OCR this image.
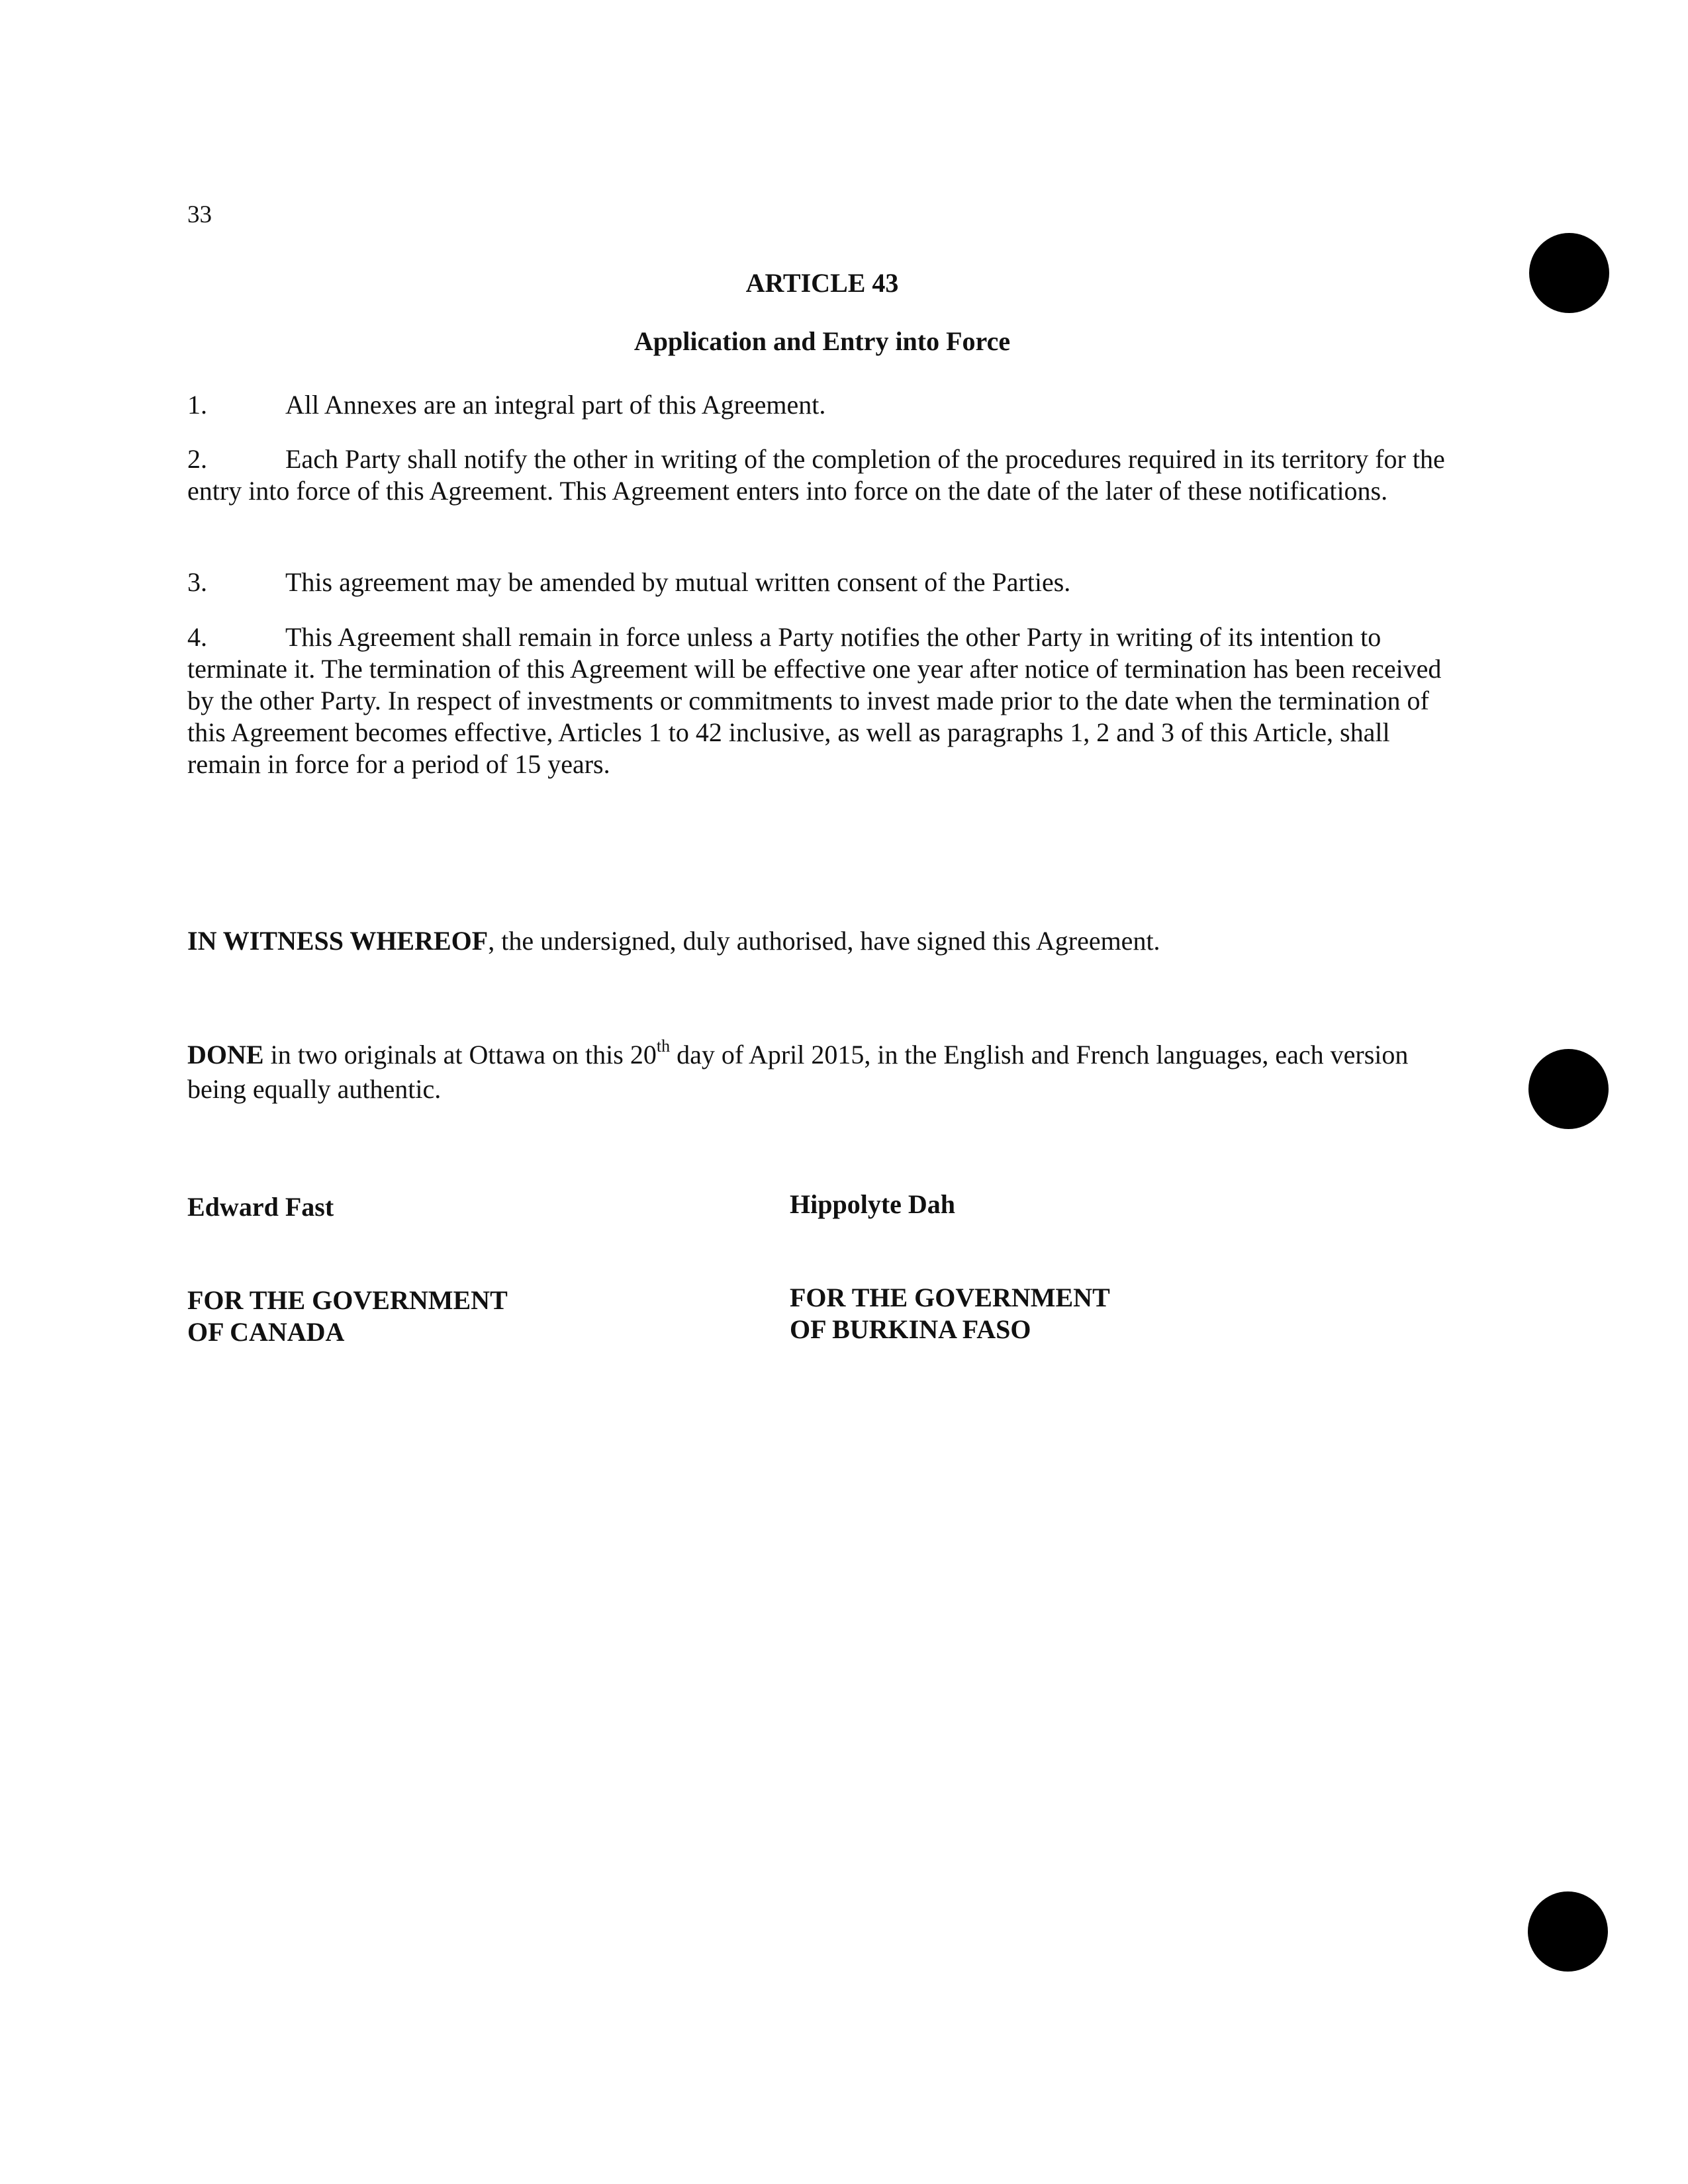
33
ARTICLE 43
Application and Entry into Force
1.	All Annexes are an integral part of this Agreement.
2.	Each Party shall notify the other in writing of the completion of the procedures required in its territory for the entry into force of this Agreement. This Agreement enters into force on the date of the later of these notifications.
3.	This agreement may be amended by mutual written consent of the Parties.
4.	This Agreement shall remain in force unless a Party notifies the other Party in writing of its intention to terminate it. The termination of this Agreement will be effective one year after notice of termination has been received by the other Party. In respect of investments or commitments to invest made prior to the date when the termination of this Agreement becomes effective, Articles 1 to 42 inclusive, as well as paragraphs 1, 2 and 3 of this Article, shall remain in force for a period of 15 years.
IN WITNESS WHEREOF, the undersigned, duly authorised, have signed this Agreement.
DONE in two originals at Ottawa on this 20th day of April 2015, in the English and French languages, each version being equally authentic.
Edward Fast	Hippolyte Dah
FOR THE GOVERNMENT
OF CANADA
FOR THE GOVERNMENT
OF BURKINA FASO
